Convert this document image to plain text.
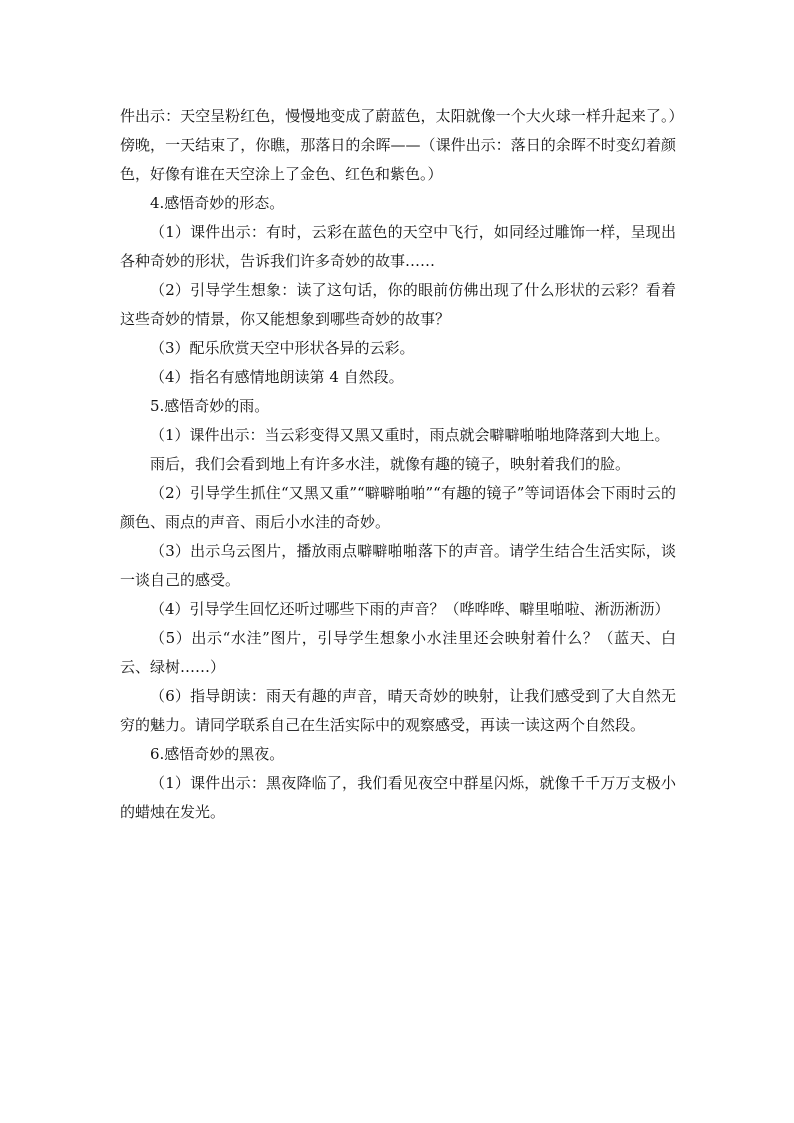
件出示：天空呈粉红色，慢慢地变成了蔚蓝色，太阳就像一个大火球一样升起来了。）傍晚，一天结束了，你瞧，那落日的余晖——（课件出示：落日的余晖不时变幻着颜色，好像有谁在天空涂上了金色、红色和紫色。）

4.感悟奇妙的形态。

（1）课件出示：有时，云彩在蓝色的天空中飞行，如同经过雕饰一样，呈现出各种奇妙的形状，告诉我们许多奇妙的故事……

（2）引导学生想象：读了这句话，你的眼前仿佛出现了什么形状的云彩？看着这些奇妙的情景，你又能想象到哪些奇妙的故事？

（3）配乐欣赏天空中形状各异的云彩。

（4）指名有感情地朗读第 4 自然段。

5.感悟奇妙的雨。

（1）课件出示：当云彩变得又黑又重时，雨点就会噼噼啪啪地降落到大地上。

雨后，我们会看到地上有许多水洼，就像有趣的镜子，映射着我们的脸。

（2）引导学生抓住“又黑又重”“噼噼啪啪”“有趣的镜子”等词语体会下雨时云的颜色、雨点的声音、雨后小水洼的奇妙。

（3）出示乌云图片，播放雨点噼噼啪啪落下的声音。请学生结合生活实际，谈一谈自己的感受。

（4）引导学生回忆还听过哪些下雨的声音？（哗哗哗、噼里啪啦、淅沥淅沥）

（5）出示“水洼”图片，引导学生想象小水洼里还会映射着什么？（蓝天、白云、绿树……）

（6）指导朗读：雨天有趣的声音，晴天奇妙的映射，让我们感受到了大自然无穷的魅力。请同学联系自己在生活实际中的观察感受，再读一读这两个自然段。

6.感悟奇妙的黑夜。

（1）课件出示：黑夜降临了，我们看见夜空中群星闪烁，就像千千万万支极小的蜡烛在发光。
